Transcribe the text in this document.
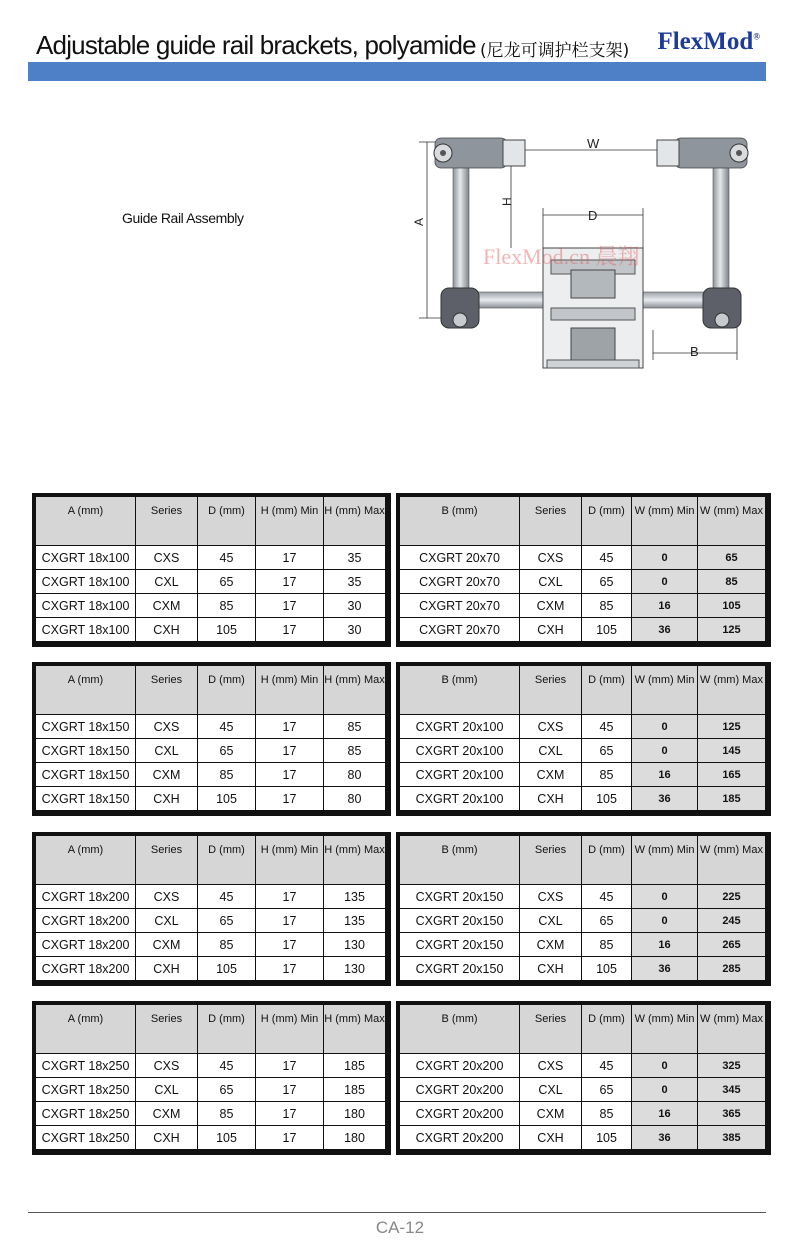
Adjustable guide rail brackets, polyamide (尼龙可调护栏支架) FlexMod®
Guide Rail Assembly
W
H
D
A
B
FlexMod.cn 晨翔
CA-12
A (mm)	Series	D (mm)	H (mm) Min	H (mm) Max
CXGRT 18x100	CXS	45	17	35
CXGRT 18x100	CXL	65	17	35
CXGRT 18x100	CXM	85	17	30
CXGRT 18x100	CXH	105	17	30
B (mm)	Series	D (mm)	W (mm) Min	W (mm) Max
CXGRT 20x70	CXS	45	0	65
CXGRT 20x70	CXL	65	0	85
CXGRT 20x70	CXM	85	16	105
CXGRT 20x70	CXH	105	36	125
A (mm)	Series	D (mm)	H (mm) Min	H (mm) Max
CXGRT 18x150	CXS	45	17	85
CXGRT 18x150	CXL	65	17	85
CXGRT 18x150	CXM	85	17	80
CXGRT 18x150	CXH	105	17	80
B (mm)	Series	D (mm)	W (mm) Min	W (mm) Max
CXGRT 20x100	CXS	45	0	125
CXGRT 20x100	CXL	65	0	145
CXGRT 20x100	CXM	85	16	165
CXGRT 20x100	CXH	105	36	185
A (mm)	Series	D (mm)	H (mm) Min	H (mm) Max
CXGRT 18x200	CXS	45	17	135
CXGRT 18x200	CXL	65	17	135
CXGRT 18x200	CXM	85	17	130
CXGRT 18x200	CXH	105	17	130
B (mm)	Series	D (mm)	W (mm) Min	W (mm) Max
CXGRT 20x150	CXS	45	0	225
CXGRT 20x150	CXL	65	0	245
CXGRT 20x150	CXM	85	16	265
CXGRT 20x150	CXH	105	36	285
A (mm)	Series	D (mm)	H (mm) Min	H (mm) Max
CXGRT 18x250	CXS	45	17	185
CXGRT 18x250	CXL	65	17	185
CXGRT 18x250	CXM	85	17	180
CXGRT 18x250	CXH	105	17	180
B (mm)	Series	D (mm)	W (mm) Min	W (mm) Max
CXGRT 20x200	CXS	45	0	325
CXGRT 20x200	CXL	65	0	345
CXGRT 20x200	CXM	85	16	365
CXGRT 20x200	CXH	105	36	385
